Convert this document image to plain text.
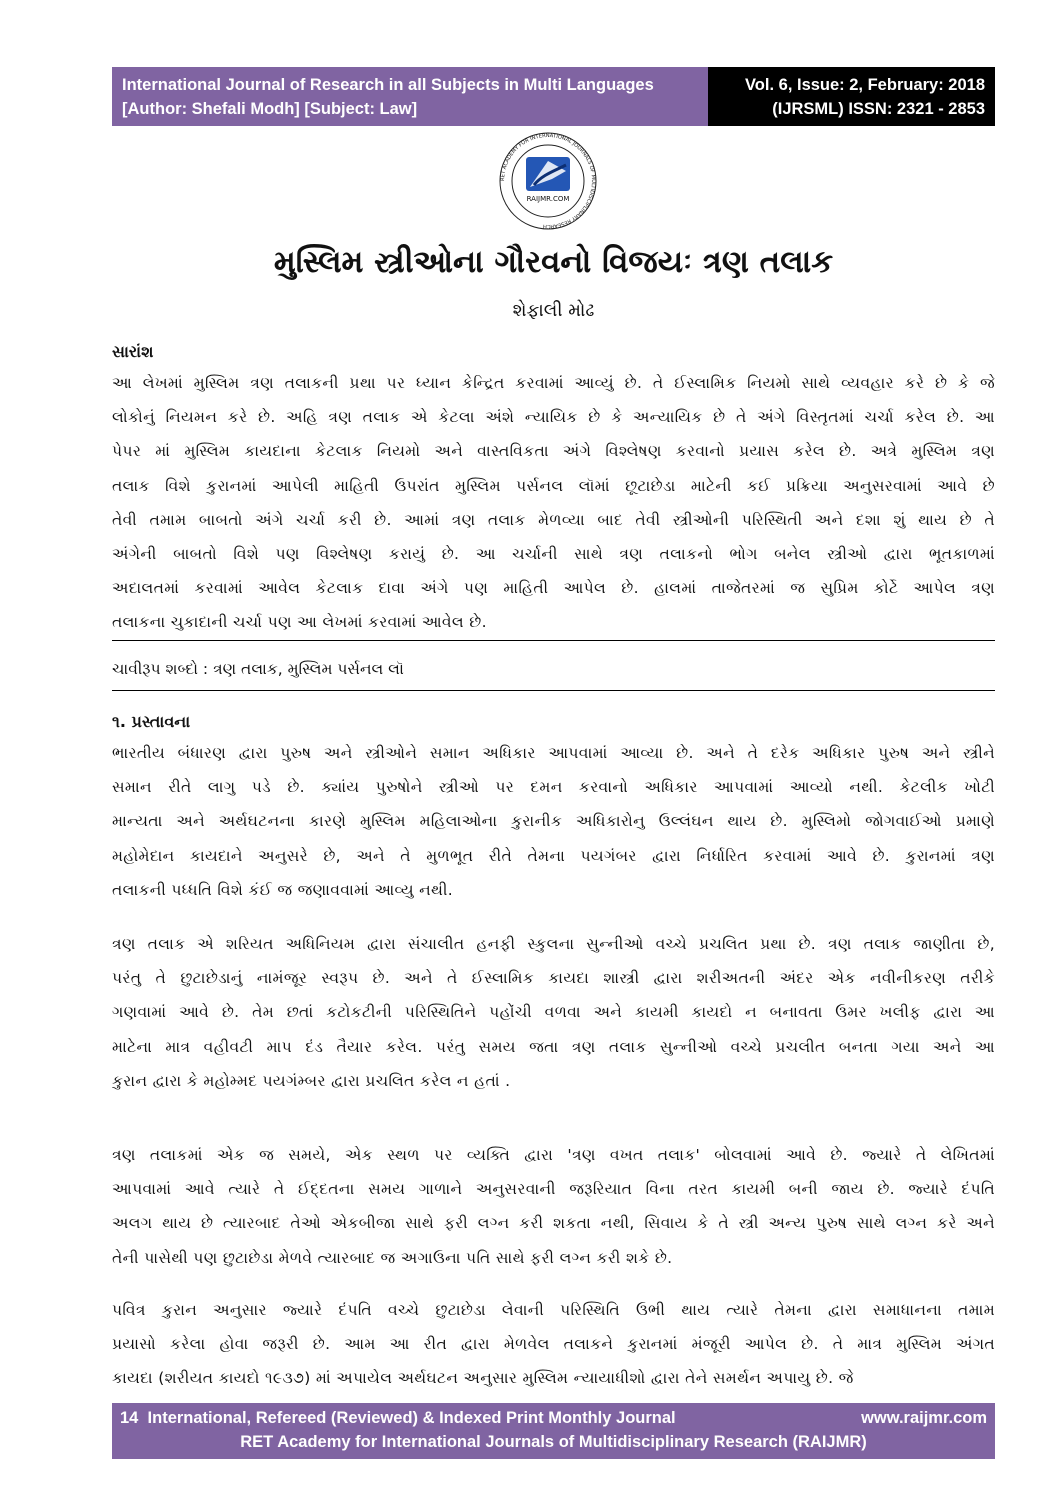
International Journal of Research in all Subjects in Multi Languages
[Author: Shefali Modh] [Subject: Law]
Vol. 6, Issue: 2, February: 2018
(IJRSML) ISSN: 2321 - 2853
RET ACADEMY FOR INTERNATIONAL JOURNALS OF MULTIDISCIPLINARY RESEARCH
RAIJMR.COM
મુસ્લિમ સ્ત્રીઓના ગૌરવનો વિજયઃ ત્રણ તલાક
શેફાલી મોઢ
સારાંશ
આ લેખમાં મુસ્લિમ ત્રણ તલાકની પ્રથા પર ધ્યાન કેન્દ્રિત કરવામાં આવ્યું છે. તે ઈસ્લામિક નિયમો સાથે વ્યવહાર કરે છે કે જે
લોકોનું નિયમન કરે છે. અહિ ત્રણ તલાક એ કેટલા અંશે ન્યાયિક છે કે અન્યાયિક છે તે અંગે વિસ્તૃતમાં ચર્ચા કરેલ છે. આ
પેપર માં મુસ્લિમ કાયદાના કેટલાક નિયમો અને વાસ્તવિકતા અંગે વિશ્લેષણ કરવાનો પ્રયાસ કરેલ છે. અત્રે મુસ્લિમ ત્રણ
તલાક વિશે કુરાનમાં આપેલી માહિતી ઉપરાંત મુસ્લિમ પર્સનલ લૉમાં છૂટાછેડા માટેની કઈ પ્રક્રિયા અનુસરવામાં આવે છે
તેવી તમામ બાબતો અંગે ચર્ચા કરી છે. આમાં ત્રણ તલાક મેળવ્યા બાદ તેવી સ્ત્રીઓની પરિસ્થિતી અને દશા શું થાય છે તે
અંગેની બાબતો વિશે પણ વિશ્લેષણ કરાયું છે. આ ચર્ચાની સાથે ત્રણ તલાકનો ભોગ બનેલ સ્ત્રીઓ દ્વારા ભૂતકાળમાં
અદાલતમાં કરવામાં આવેલ કેટલાક દાવા અંગે પણ માહિતી આપેલ છે. હાલમાં તાજેતરમાં જ સુપ્રિમ કોર્ટે આપેલ ત્રણ
તલાકના ચુકાદાની ચર્ચા પણ આ લેખમાં કરવામાં આવેલ છે.
ચાવીરૂપ શબ્દો : ત્રણ તલાક, મુસ્લિમ પર્સનલ લૉ
૧. પ્રસ્તાવના
ભારતીય બંધારણ દ્વારા પુરુષ અને સ્ત્રીઓને સમાન અધિકાર આપવામાં આવ્યા છે. અને તે દરેક અધિકાર પુરુષ અને સ્ત્રીને
સમાન રીતે લાગુ પડે છે. ક્યાંય પુરુષોને સ્ત્રીઓ પર દમન કરવાનો અધિકાર આપવામાં આવ્યો નથી. કેટલીક ખોટી
માન્યતા અને અર્થઘટનના કારણે મુસ્લિમ મહિલાઓના કુરાનીક અધિકારોનુ ઉલ્લંઘન થાય છે. મુસ્લિમો જોગવાઈઓ પ્રમાણે
મહોમેદાન કાયદાને અનુસરે છે, અને તે મુળભૂત રીતે તેમના પયગંબર દ્વારા નિર્ધારિત કરવામાં આવે છે. કુરાનમાં ત્રણ
તલાકની પધ્ધતિ વિશે કંઈ જ જણાવવામાં આવ્યુ નથી.
ત્રણ તલાક એ શરિયત અધિનિયમ દ્વારા સંચાલીત હનફી સ્કુલના સુન્નીઓ વચ્ચે પ્રચલિત પ્રથા છે. ત્રણ તલાક જાણીતા છે,
પરંતુ તે છુટાછેડાનું નામંજૂર સ્વરૂપ છે. અને તે ઈસ્લામિક કાયદા શાસ્ત્રી દ્વારા શરીઅતની અંદર એક નવીનીકરણ તરીકે
ગણવામાં આવે છે. તેમ છતાં કટોકટીની પરિસ્થિતિને પહોંચી વળવા અને કાયમી કાયદો ન બનાવતા ઉમર ખલીફ દ્વારા આ
માટેના માત્ર વહીવટી માપ દંડ તૈયાર કરેલ. પરંતુ સમય જતા ત્રણ તલાક સુન્નીઓ વચ્ચે પ્રચલીત બનતા ગયા અને આ
કુરાન દ્વારા કે મહોમ્મદ પયગંમ્બર દ્વારા પ્રચલિત કરેલ ન હતાં .
ત્રણ તલાકમાં એક જ સમયે, એક સ્થળ પર વ્યક્તિ દ્વારા 'ત્રણ વખત તલાક' બોલવામાં આવે છે. જ્યારે તે લેખિતમાં
આપવામાં આવે ત્યારે તે ઈદ્દતના સમય ગાળાને અનુસરવાની જરૂરિયાત વિના તરત કાયમી બની જાય છે. જ્યારે દંપતિ
અલગ થાય છે ત્યારબાદ તેઓ એકબીજા સાથે ફરી લગ્ન કરી શકતા નથી, સિવાય કે તે સ્ત્રી અન્ય પુરુષ સાથે લગ્ન કરે અને
તેની પાસેથી પણ છુટાછેડા મેળવે ત્યારબાદ જ અગાઉના પતિ સાથે ફરી લગ્ન કરી શકે છે.
પવિત્ર કુરાન અનુસાર જ્યારે દંપતિ વચ્ચે છુટાછેડા લેવાની પરિસ્થિતિ ઉભી થાય ત્યારે તેમના દ્વારા સમાધાનના તમામ
પ્રયાસો કરેલા હોવા જરૂરી છે. આમ આ રીત દ્વારા મેળવેલ તલાકને કુરાનમાં મંજૂરી આપેલ છે. તે માત્ર મુસ્લિમ અંગત
કાયદા (શરીયત કાયદો ૧૯૩૭) માં અપાયેલ અર્થઘટન અનુસાર મુસ્લિમ ન્યાયાધીશો દ્વારા તેને સમર્થન અપાયુ છે. જે
14 International, Refereed (Reviewed) & Indexed Print Monthly Journal	www.raijmr.com
RET Academy for International Journals of Multidisciplinary Research (RAIJMR)
